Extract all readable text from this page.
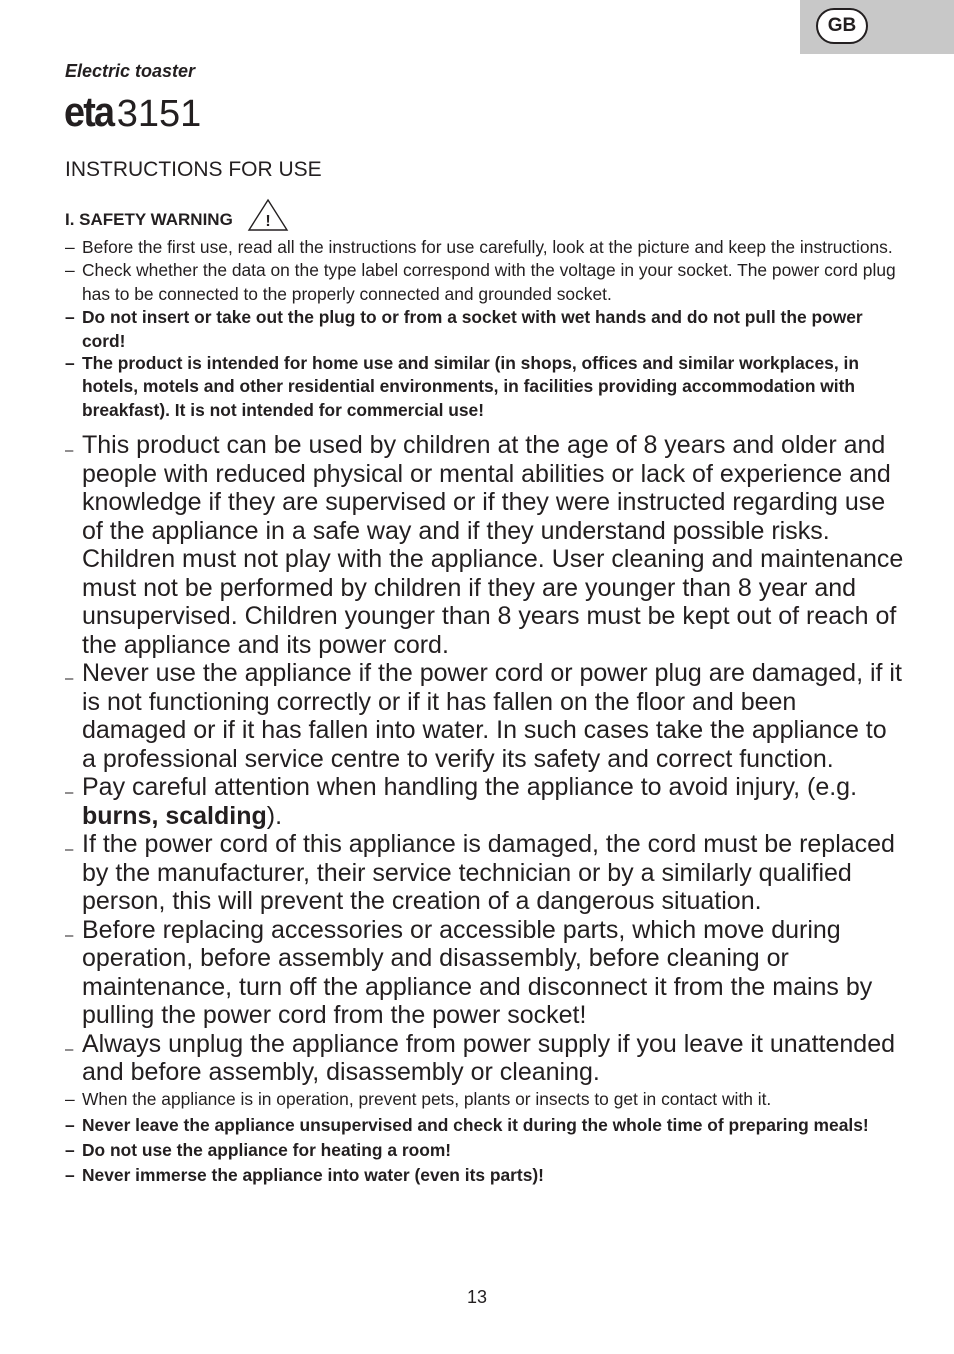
GB
Electric toaster
eta3151
INSTRUCTIONS FOR USE
I. SAFETY WARNING !
– Before the first use, read all the instructions for use carefully, look at the picture and keep the instructions.
– Check whether the data on the type label correspond with the voltage in your socket. The power cord plug has to be connected to the properly connected and grounded socket.
– Do not insert or take out the plug to or from a socket with wet hands and do not pull the power cord!
– The product is intended for home use and similar (in shops, offices and similar workplaces, in hotels, motels and other residential environments, in facilities providing accommodation with breakfast). It is not intended for commercial use!
– This product can be used by children at the age of 8 years and older and people with reduced physical or mental abilities or lack of experience and knowledge if they are supervised or if they were instructed regarding use of the appliance in a safe way and if they understand possible risks. Children must not play with the appliance. User cleaning and maintenance must not be performed by children if they are younger than 8 year and unsupervised. Children younger than 8 years must be kept out of reach of the appliance and its power cord.
– Never use the appliance if the power cord or power plug are damaged, if it is not functioning correctly or if it has fallen on the floor and been damaged or if it has fallen into water. In such cases take the appliance to a professional service centre to verify its safety and correct function.
– Pay careful attention when handling the appliance to avoid injury, (e.g. burns, scalding).
– If the power cord of this appliance is damaged, the cord must be replaced by the manufacturer, their service technician or by a similarly qualified person, this will prevent the creation of a dangerous situation.
– Before replacing accessories or accessible parts, which move during operation, before assembly and disassembly, before cleaning or maintenance, turn off the appliance and disconnect it from the mains by pulling the power cord from the power socket!
– Always unplug the appliance from power supply if you leave it unattended and before assembly, disassembly or cleaning.
– When the appliance is in operation, prevent pets, plants or insects to get in contact with it.
– Never leave the appliance unsupervised and check it during the whole time of preparing meals!
– Do not use the appliance for heating a room!
– Never immerse the appliance into water (even its parts)!
13
